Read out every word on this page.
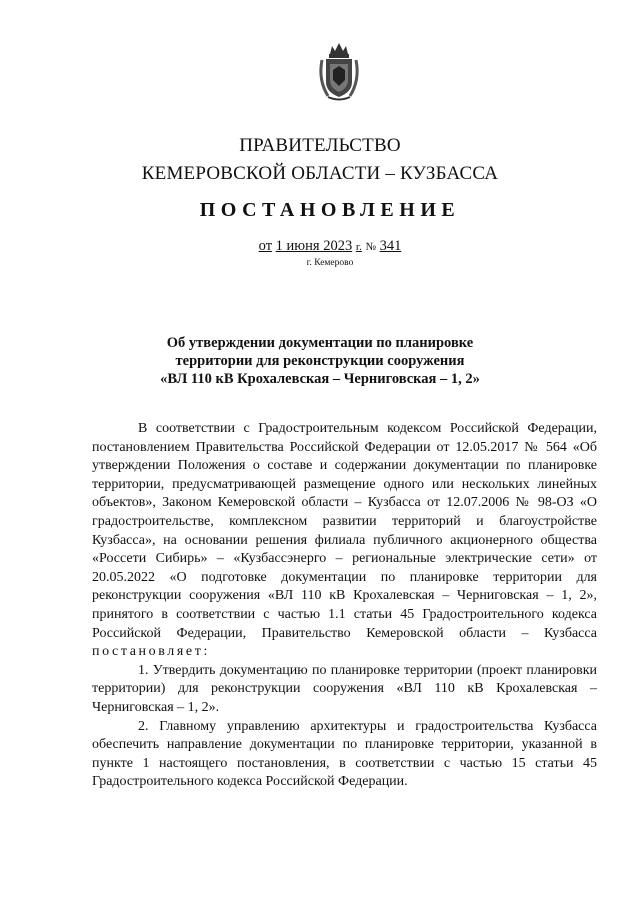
ПРАВИТЕЛЬСТВО
КЕМЕРОВСКОЙ ОБЛАСТИ – КУЗБАССА
ПОСТАНОВЛЕНИЕ
от 1 июня 2023 г. № 341
г. Кемерово
Об утверждении документации по планировке
территории для реконструкции сооружения
«ВЛ 110 кВ Крохалевская – Черниговская – 1, 2»

В соответствии с Градостроительным кодексом Российской Федерации, постановлением Правительства Российской Федерации от 12.05.2017 № 564 «Об утверждении Положения о составе и содержании документации по планировке территории, предусматривающей размещение одного или нескольких линейных объектов», Законом Кемеровской области – Кузбасса от 12.07.2006 № 98-ОЗ «О градостроительстве, комплексном развитии территорий и благоустройстве Кузбасса», на основании решения филиала публичного акционерного общества «Россети Сибирь» – «Кузбассэнерго – региональные электрические сети» от 20.05.2022 «О подготовке документации по планировке территории для реконструкции сооружения «ВЛ 110 кВ Крохалевская – Черниговская – 1, 2», принятого в соответствии с частью 1.1 статьи 45 Градостроительного кодекса Российской Федерации, Правительство Кемеровской области – Кузбасса постановляет:

1. Утвердить документацию по планировке территории (проект планировки территории) для реконструкции сооружения «ВЛ 110 кВ Крохалевская – Черниговская – 1, 2».

2. Главному управлению архитектуры и градостроительства Кузбасса обеспечить направление документации по планировке территории, указанной в пункте 1 настоящего постановления, в соответствии с частью 15 статьи 45 Градостроительного кодекса Российской Федерации.
